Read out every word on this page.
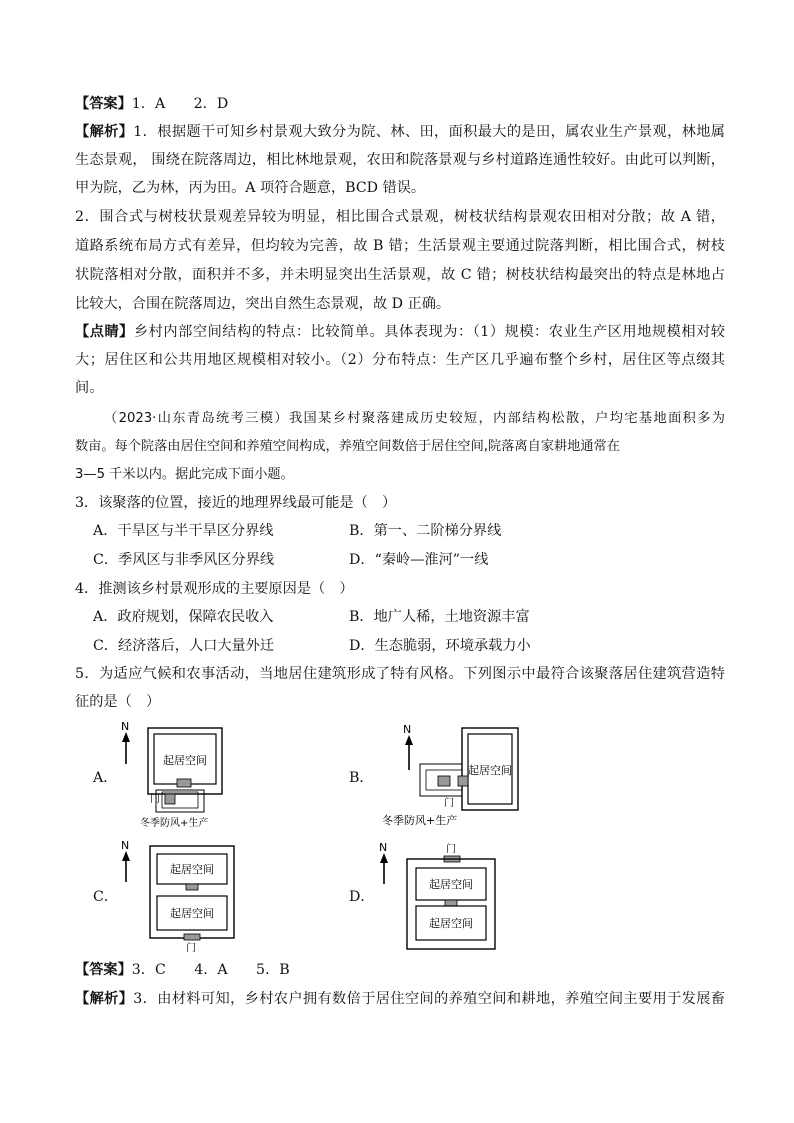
【答案】1．A　　2．D
【解析】1．根据题干可知乡村景观大致分为院、林、田，面积最大的是田，属农业生产景观，林地属
生态景观， 围绕在院落周边，相比林地景观，农田和院落景观与乡村道路连通性较好。由此可以判断，
甲为院，乙为林，丙为田。A 项符合题意，BCD 错误。
2．围合式与树枝状景观差异较为明显，相比围合式景观，树枝状结构景观农田相对分散；故 A 错，
道路系统布局方式有差异，但均较为完善，故 B 错；生活景观主要通过院落判断，相比围合式，树枝
状院落相对分散，面积并不多，并未明显突出生活景观，故 C 错；树枝状结构最突出的特点是林地占
比较大，合围在院落周边，突出自然生态景观，故 D 正确。
【点睛】乡村内部空间结构的特点：比较简单。具体表现为：（1）规模：农业生产区用地规模相对较
大；居住区和公共用地区规模相对较小。（2）分布特点：生产区几乎遍布整个乡村，居住区等点缀其
间。
（2023·山东青岛统考三模）我国某乡村聚落建成历史较短，内部结构松散，户均宅基地面积多为
数亩。每个院落由居住空间和养殖空间构成，养殖空间数倍于居住空间,院落离自家耕地通常在
3—5 千米以内。据此完成下面小题。
3．该聚落的位置，接近的地理界线最可能是（　）
A．干旱区与半干旱区分界线	B．第一、二阶梯分界线
C．季风区与非季风区分界线	D．“秦岭—淮河”一线
4．推测该乡村景观形成的主要原因是（　）
A．政府规划，保障农民收入	B．地广人稀，土地资源丰富
C．经济落后，人口大量外迁	D．生态脆弱，环境承载力小
5．为适应气候和农事活动，当地居住建筑形成了特有风格。下列图示中最符合该聚落居住建筑营造特
征的是（　）
A．	B．
C．	D．
N
起居空间
门
冬季防风+生产
N
起居空间
门
冬季防风+生产
N
起居空间
起居空间
门
N	门
起居空间
起居空间
【答案】3．C　　4．A　　5．B
【解析】3．由材料可知，乡村农户拥有数倍于居住空间的养殖空间和耕地，养殖空间主要用于发展畜
